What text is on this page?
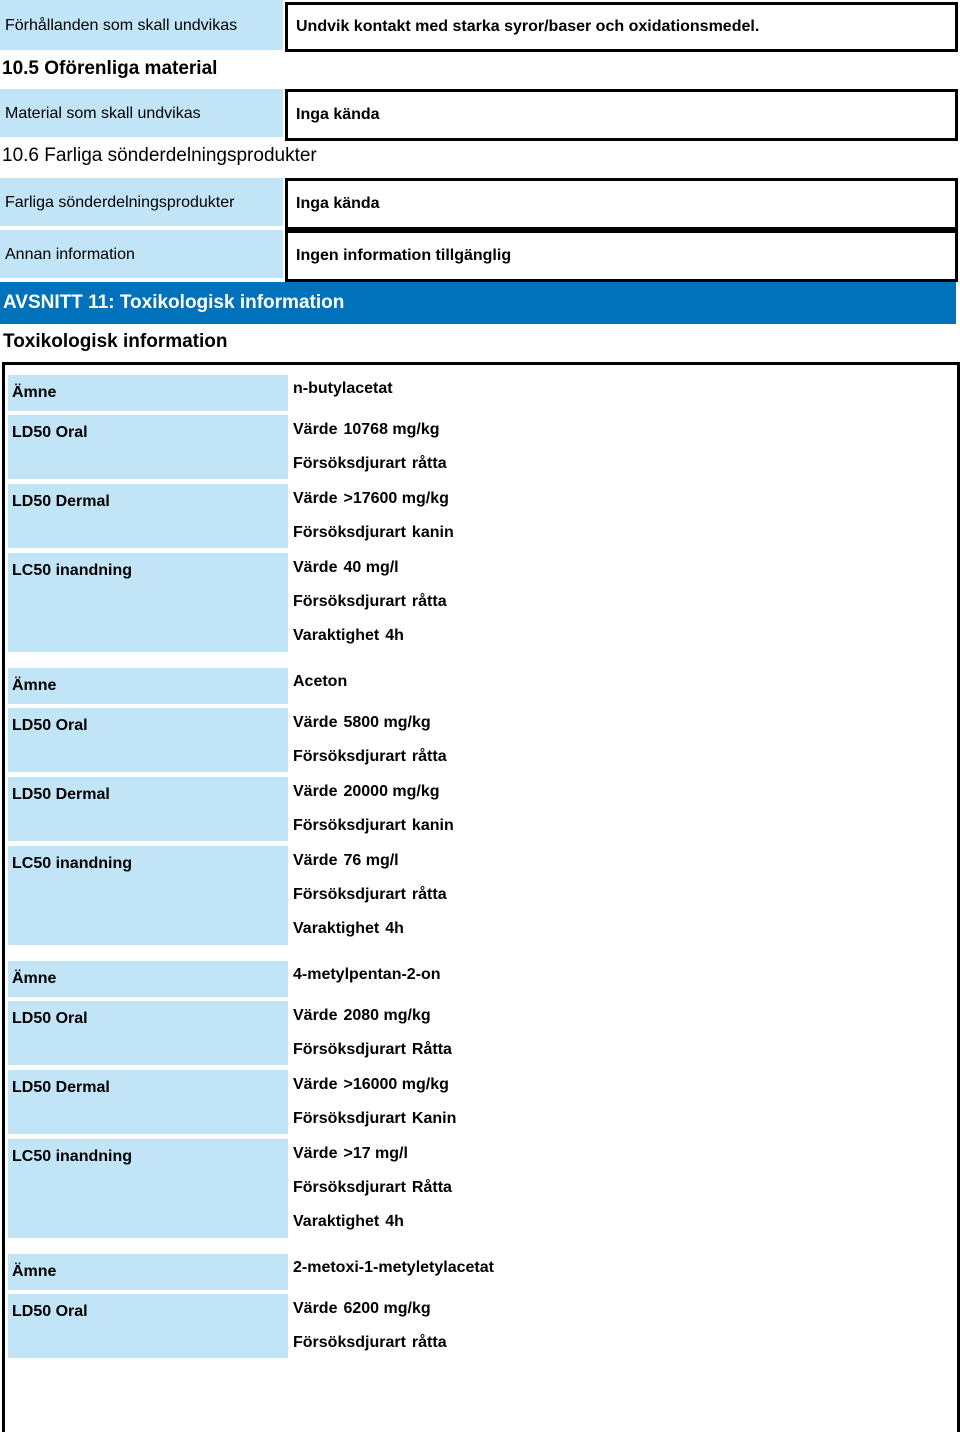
Förhållanden som skall undvikas	Undvik kontakt med starka syror/baser och oxidationsmedel.
10.5 Oförenliga material
Material som skall undvikas	Inga kända
10.6 Farliga sönderdelningsprodukter
Farliga sönderdelningsprodukter	Inga kända
Annan information	Ingen information tillgänglig
AVSNITT 11: Toxikologisk information
Toxikologisk information
Ämne	n-butylacetat
LD50 Oral	Värde 10768 mg/kg
Försöksdjurart råtta
LD50 Dermal	Värde >17600 mg/kg
Försöksdjurart kanin
LC50 inandning	Värde 40 mg/l
Försöksdjurart råtta
Varaktighet 4h
Ämne	Aceton
LD50 Oral	Värde 5800 mg/kg
Försöksdjurart råtta
LD50 Dermal	Värde 20000 mg/kg
Försöksdjurart kanin
LC50 inandning	Värde 76 mg/l
Försöksdjurart råtta
Varaktighet 4h
Ämne	4-metylpentan-2-on
LD50 Oral	Värde 2080 mg/kg
Försöksdjurart Råtta
LD50 Dermal	Värde >16000 mg/kg
Försöksdjurart Kanin
LC50 inandning	Värde >17 mg/l
Försöksdjurart Råtta
Varaktighet 4h
Ämne	2-metoxi-1-metyletylacetat
LD50 Oral	Värde 6200 mg/kg
Försöksdjurart råtta
